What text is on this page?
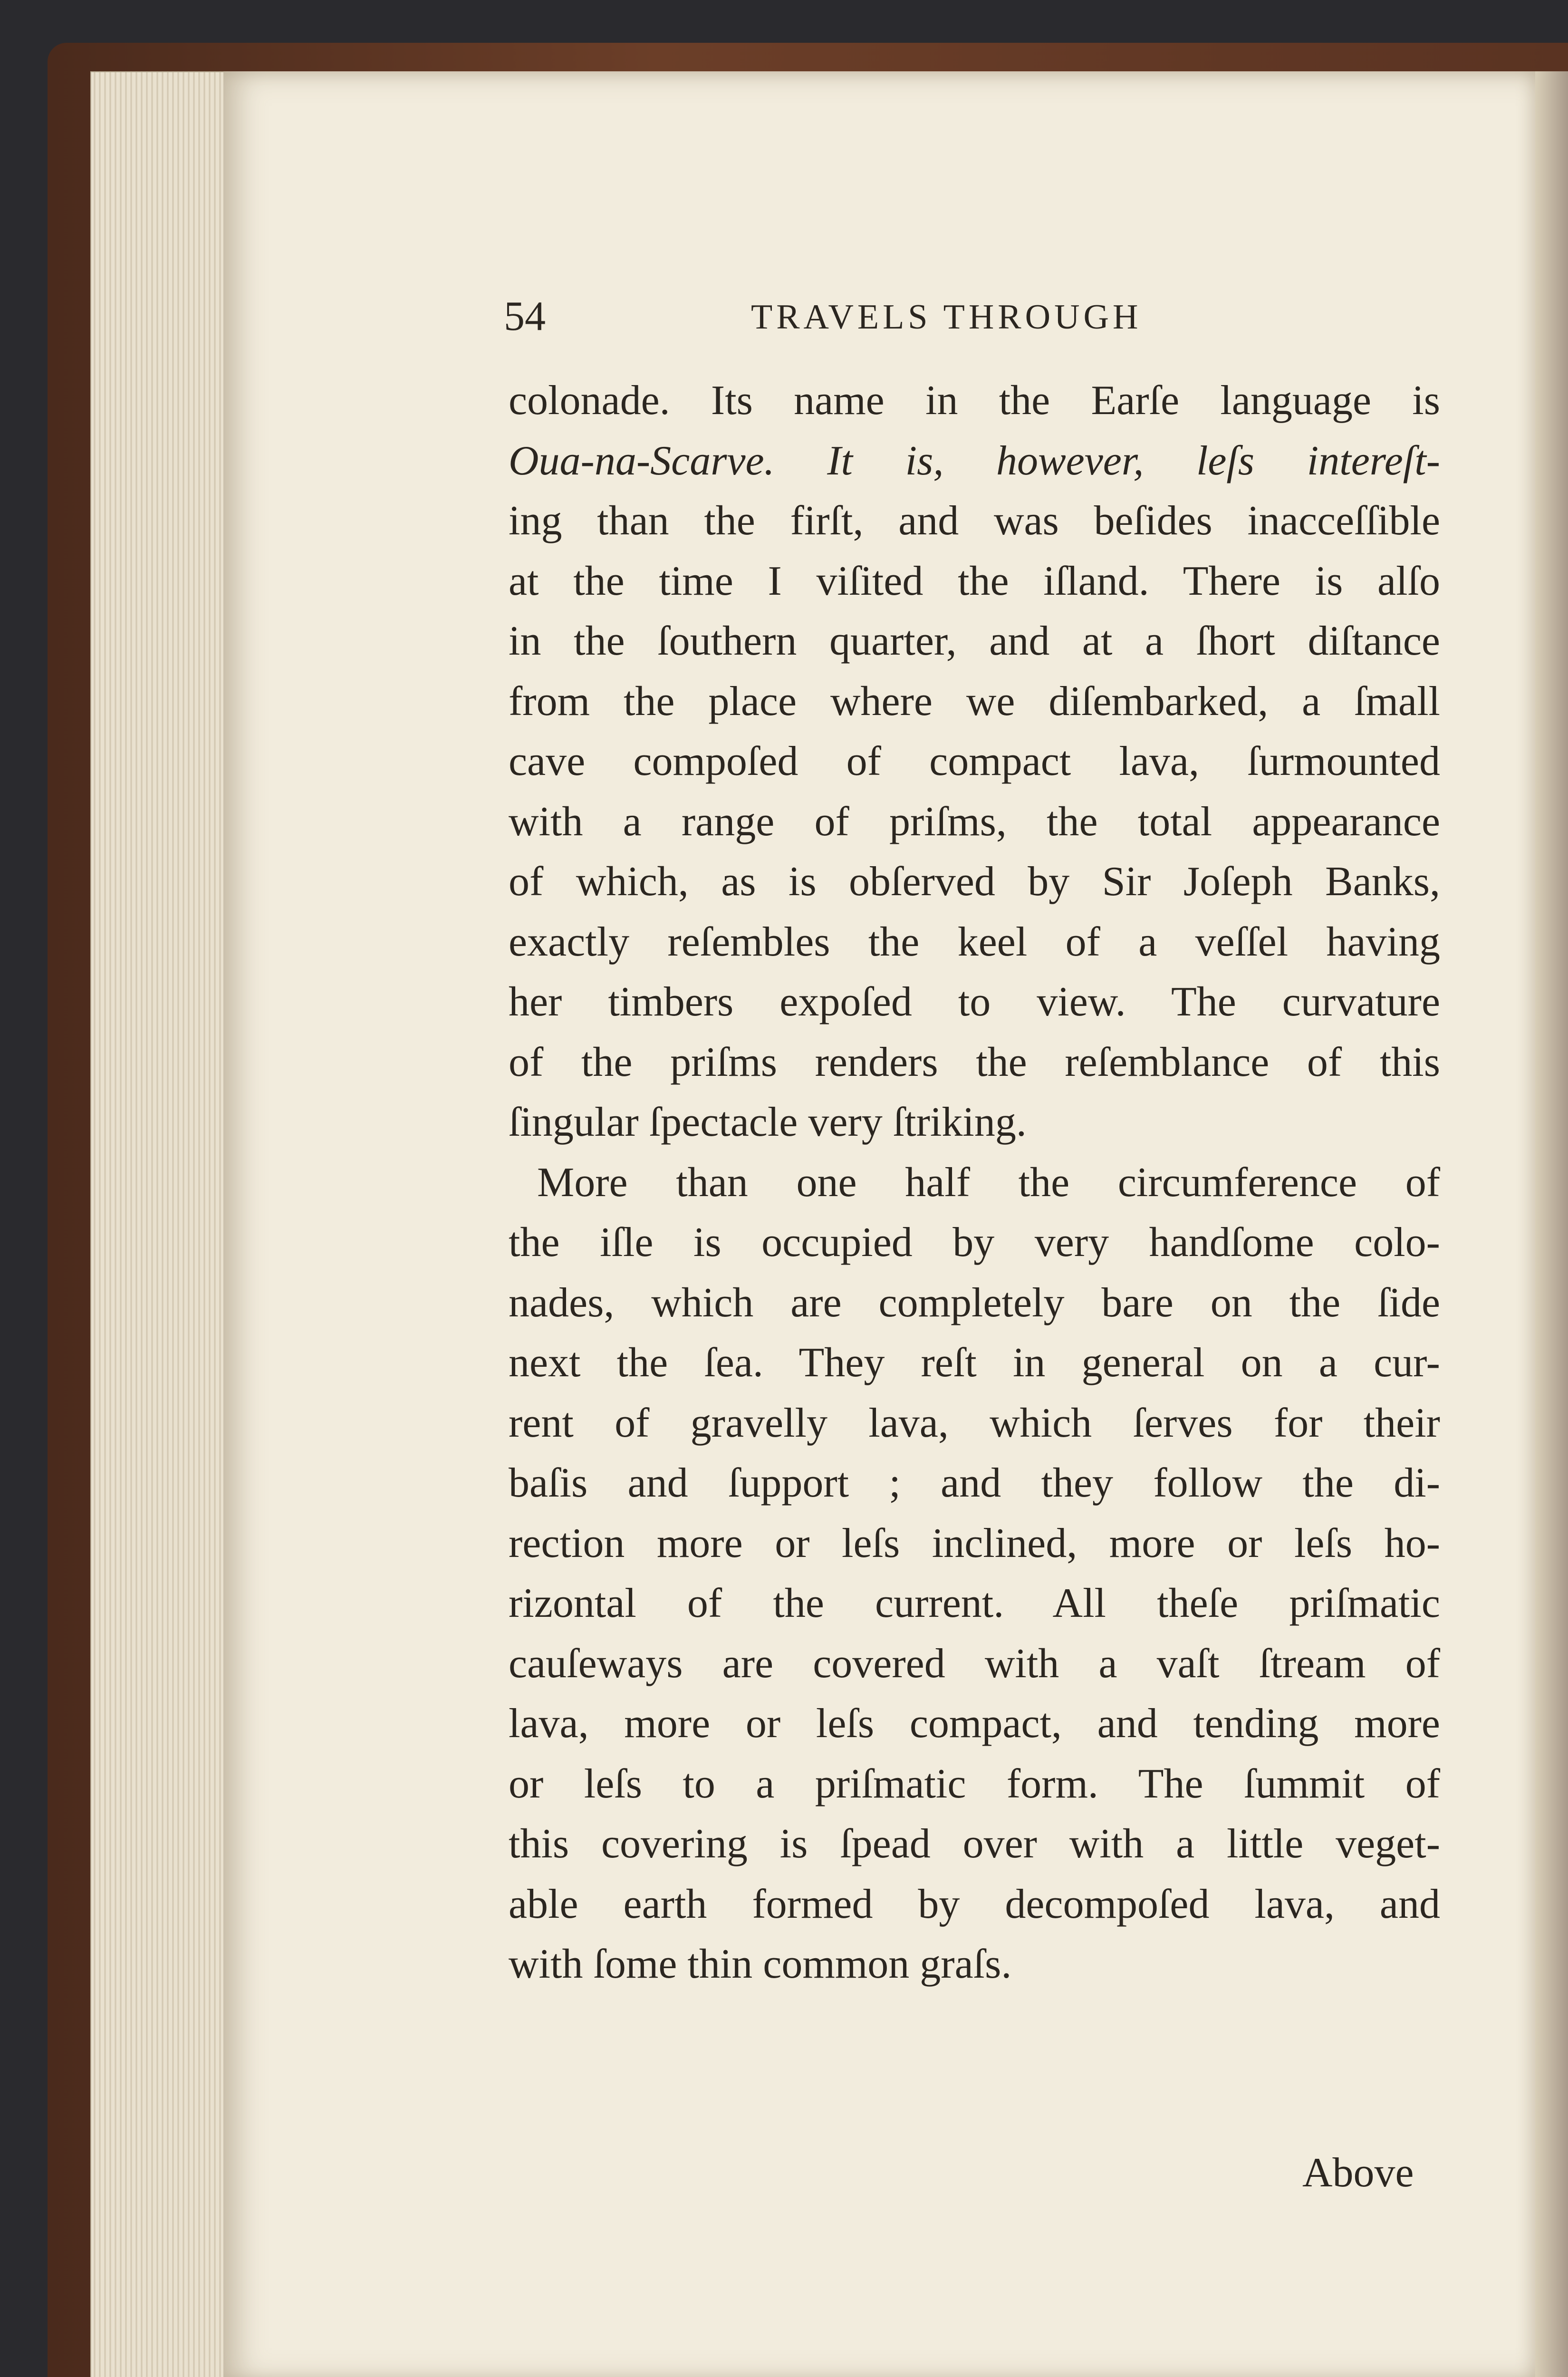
54	TRAVELS THROUGH
colonade. Its name in the Earſe language is
Oua-na-Scarve. It is, however, leſs intereſt-
ing than the firſt, and was beſides inacceſſible
at the time I viſited the iſland. There is alſo
in the ſouthern quarter, and at a ſhort diſtance
from the place where we diſembarked, a ſmall
cave compoſed of compact lava, ſurmounted
with a range of priſms, the total appearance
of which, as is obſerved by Sir Joſeph Banks,
exactly reſembles the keel of a veſſel having
her timbers expoſed to view. The curvature
of the priſms renders the reſemblance of this
ſingular ſpectacle very ſtriking.
More than one half the circumference of
the iſle is occupied by very handſome colo-
nades, which are completely bare on the ſide
next the ſea. They reſt in general on a cur-
rent of gravelly lava, which ſerves for their
baſis and ſupport ; and they follow the di-
rection more or leſs inclined, more or leſs ho-
rizontal of the current. All theſe priſmatic
cauſeways are covered with a vaſt ſtream of
lava, more or leſs compact, and tending more
or leſs to a priſmatic form. The ſummit of
this covering is ſpead over with a little veget-
able earth formed by decompoſed lava, and
with ſome thin common graſs.
Above
